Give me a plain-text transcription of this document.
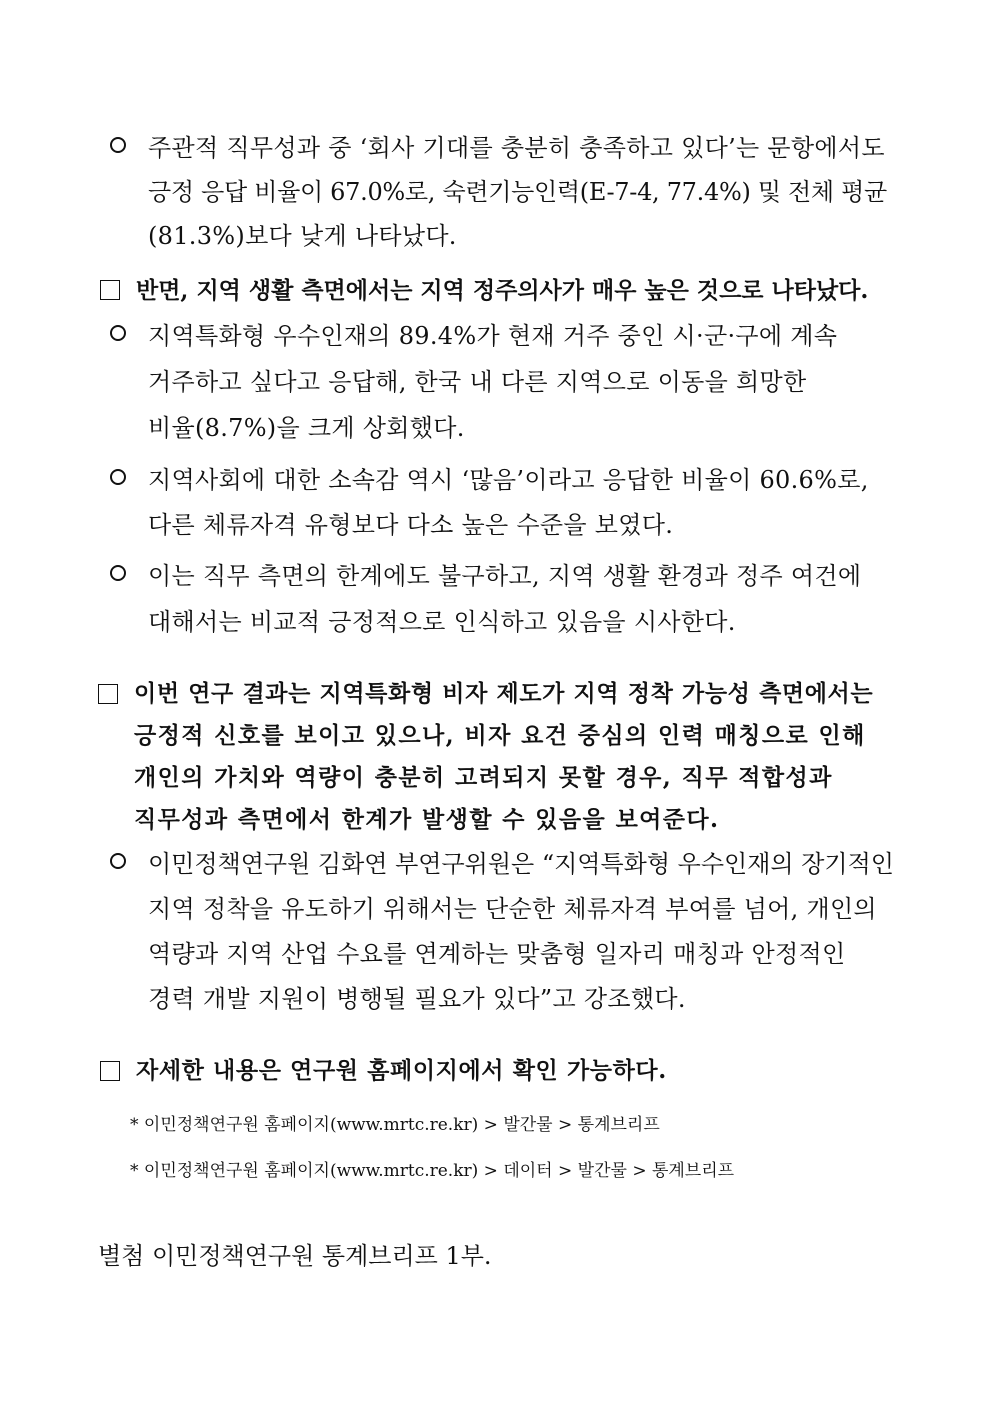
주관적 직무성과 중 ‘회사 기대를 충분히 충족하고 있다’는 문항에서도
긍정 응답 비율이 67.0%로, 숙련기능인력(E-7-4, 77.4%) 및 전체 평균
(81.3%)보다 낮게 나타났다.
반면, 지역 생활 측면에서는 지역 정주의사가 매우 높은 것으로 나타났다.
지역특화형 우수인재의 89.4%가 현재 거주 중인 시·군·구에 계속
거주하고 싶다고 응답해, 한국 내 다른 지역으로 이동을 희망한
비율(8.7%)을 크게 상회했다.
지역사회에 대한 소속감 역시 ‘많음’이라고 응답한 비율이 60.6%로,
다른 체류자격 유형보다 다소 높은 수준을 보였다.
이는 직무 측면의 한계에도 불구하고, 지역 생활 환경과 정주 여건에
대해서는 비교적 긍정적으로 인식하고 있음을 시사한다.
이번 연구 결과는 지역특화형 비자 제도가 지역 정착 가능성 측면에서는
긍정적 신호를 보이고 있으나, 비자 요건 중심의 인력 매칭으로 인해
개인의 가치와 역량이 충분히 고려되지 못할 경우, 직무 적합성과
직무성과 측면에서 한계가 발생할 수 있음을 보여준다.
이민정책연구원 김화연 부연구위원은 “지역특화형 우수인재의 장기적인
지역 정착을 유도하기 위해서는 단순한 체류자격 부여를 넘어, 개인의
역량과 지역 산업 수요를 연계하는 맞춤형 일자리 매칭과 안정적인
경력 개발 지원이 병행될 필요가 있다”고 강조했다.
자세한 내용은 연구원 홈페이지에서 확인 가능하다.
* 이민정책연구원 홈페이지(www.mrtc.re.kr) > 발간물 > 통계브리프
* 이민정책연구원 홈페이지(www.mrtc.re.kr) > 데이터 > 발간물 > 통계브리프
별첨 이민정책연구원 통계브리프 1부.
